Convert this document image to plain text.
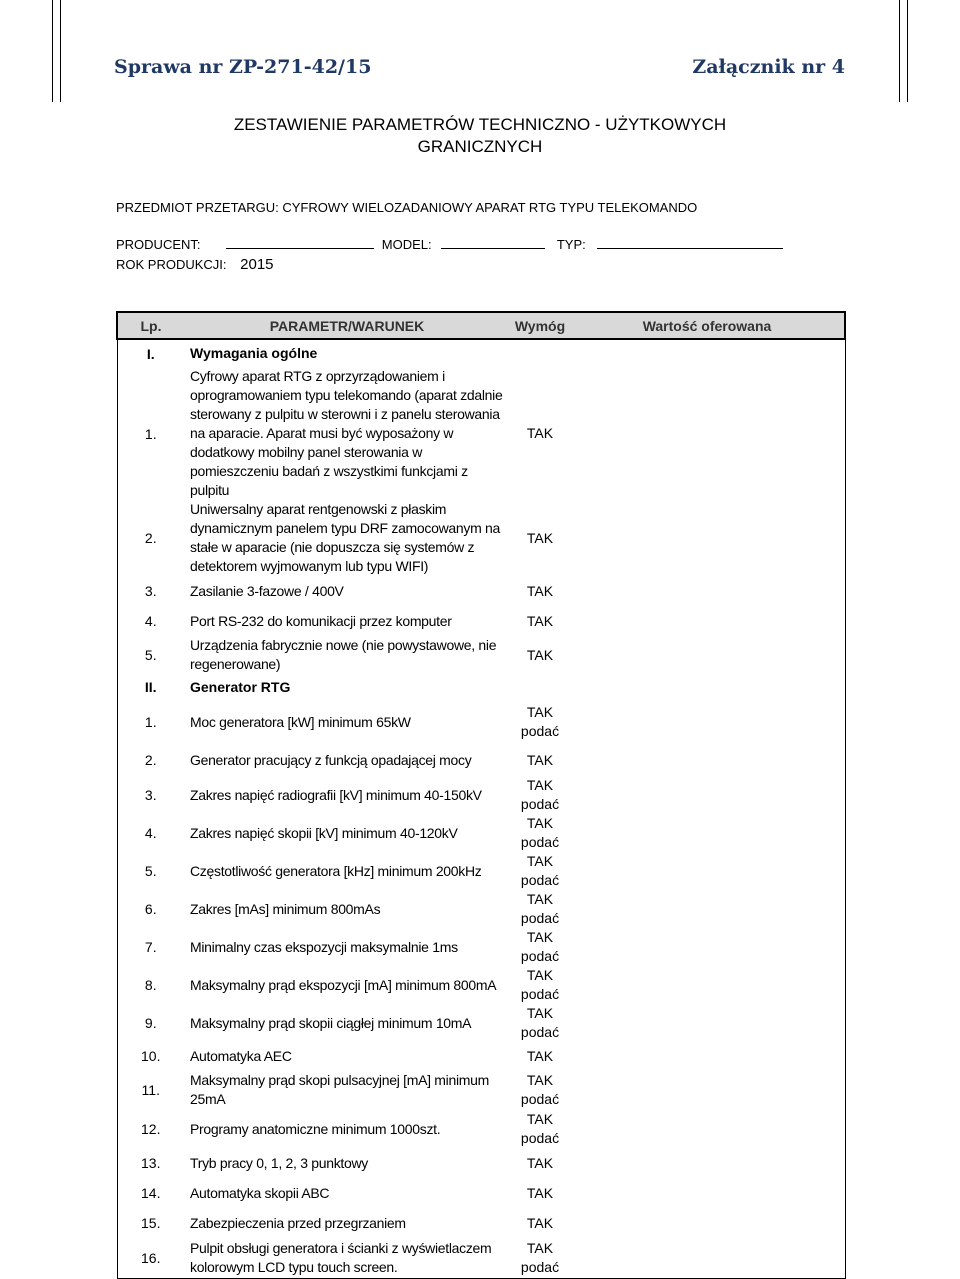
Sprawa nr ZP-271-42/15	Załącznik nr 4
ZESTAWIENIE PARAMETRÓW TECHNICZNO - UŻYTKOWYCH
GRANICZNYCH
PRZEDMIOT PRZETARGU: CYFROWY WIELOZADANIOWY APARAT RTG TYPU TELEKOMANDO
PRODUCENT:	MODEL:	TYP:
ROK PRODUKCJI: 2015
Lp.	PARAMETR/WARUNEK	Wymóg	Wartość oferowana
I.	Wymagania ogólne		
1.	Cyfrowy aparat RTG z oprzyrządowaniem i oprogramowaniem typu telekomando (aparat zdalnie sterowany z pulpitu w sterowni i z panelu sterowania na aparacie. Aparat musi być wyposażony w dodatkowy mobilny panel sterowania w pomieszczeniu badań z wszystkimi funkcjami z pulpitu	TAK	

2.	Uniwersalny aparat rentgenowski z płaskim dynamicznym panelem typu DRF zamocowanym na stałe w aparacie (nie dopuszcza się systemów z detektorem wyjmowanym lub typu WIFI)	TAK	

3.	Zasilanie 3-fazowe / 400V	TAK	

4.	Port RS-232 do komunikacji przez komputer	TAK	

5.	Urządzenia fabrycznie nowe (nie powystawowe, nie regenerowane)	TAK	

II.	Generator RTG		
1.	Moc generatora [kW] minimum 65kW	TAK
podać	

2.	Generator pracujący z funkcją opadającej mocy	TAK	

3.	Zakres napięć radiografii [kV] minimum 40-150kV	TAK
podać	

4.	Zakres napięć skopii [kV] minimum 40-120kV	TAK
podać	

5.	Częstotliwość generatora [kHz] minimum 200kHz	TAK
podać	

6.	Zakres [mAs] minimum 800mAs	TAK
podać	

7.	Minimalny czas ekspozycji maksymalnie 1ms	TAK
podać	

8.	Maksymalny prąd ekspozycji [mA] minimum 800mA	TAK
podać	

9.	Maksymalny prąd skopii ciągłej minimum 10mA	TAK
podać	

10.	Automatyka AEC	TAK	

11.	Maksymalny prąd skopi pulsacyjnej [mA] minimum 25mA	TAK
podać	

12.	Programy anatomiczne minimum 1000szt.	TAK
podać	

13.	Tryb pracy 0, 1, 2, 3 punktowy	TAK	

14.	Automatyka skopii ABC	TAK	

15.	Zabezpieczenia przed przegrzaniem	TAK	

16.	Pulpit obsługi generatora i ścianki z wyświetlaczem kolorowym LCD typu touch screen.	TAK
podać	
